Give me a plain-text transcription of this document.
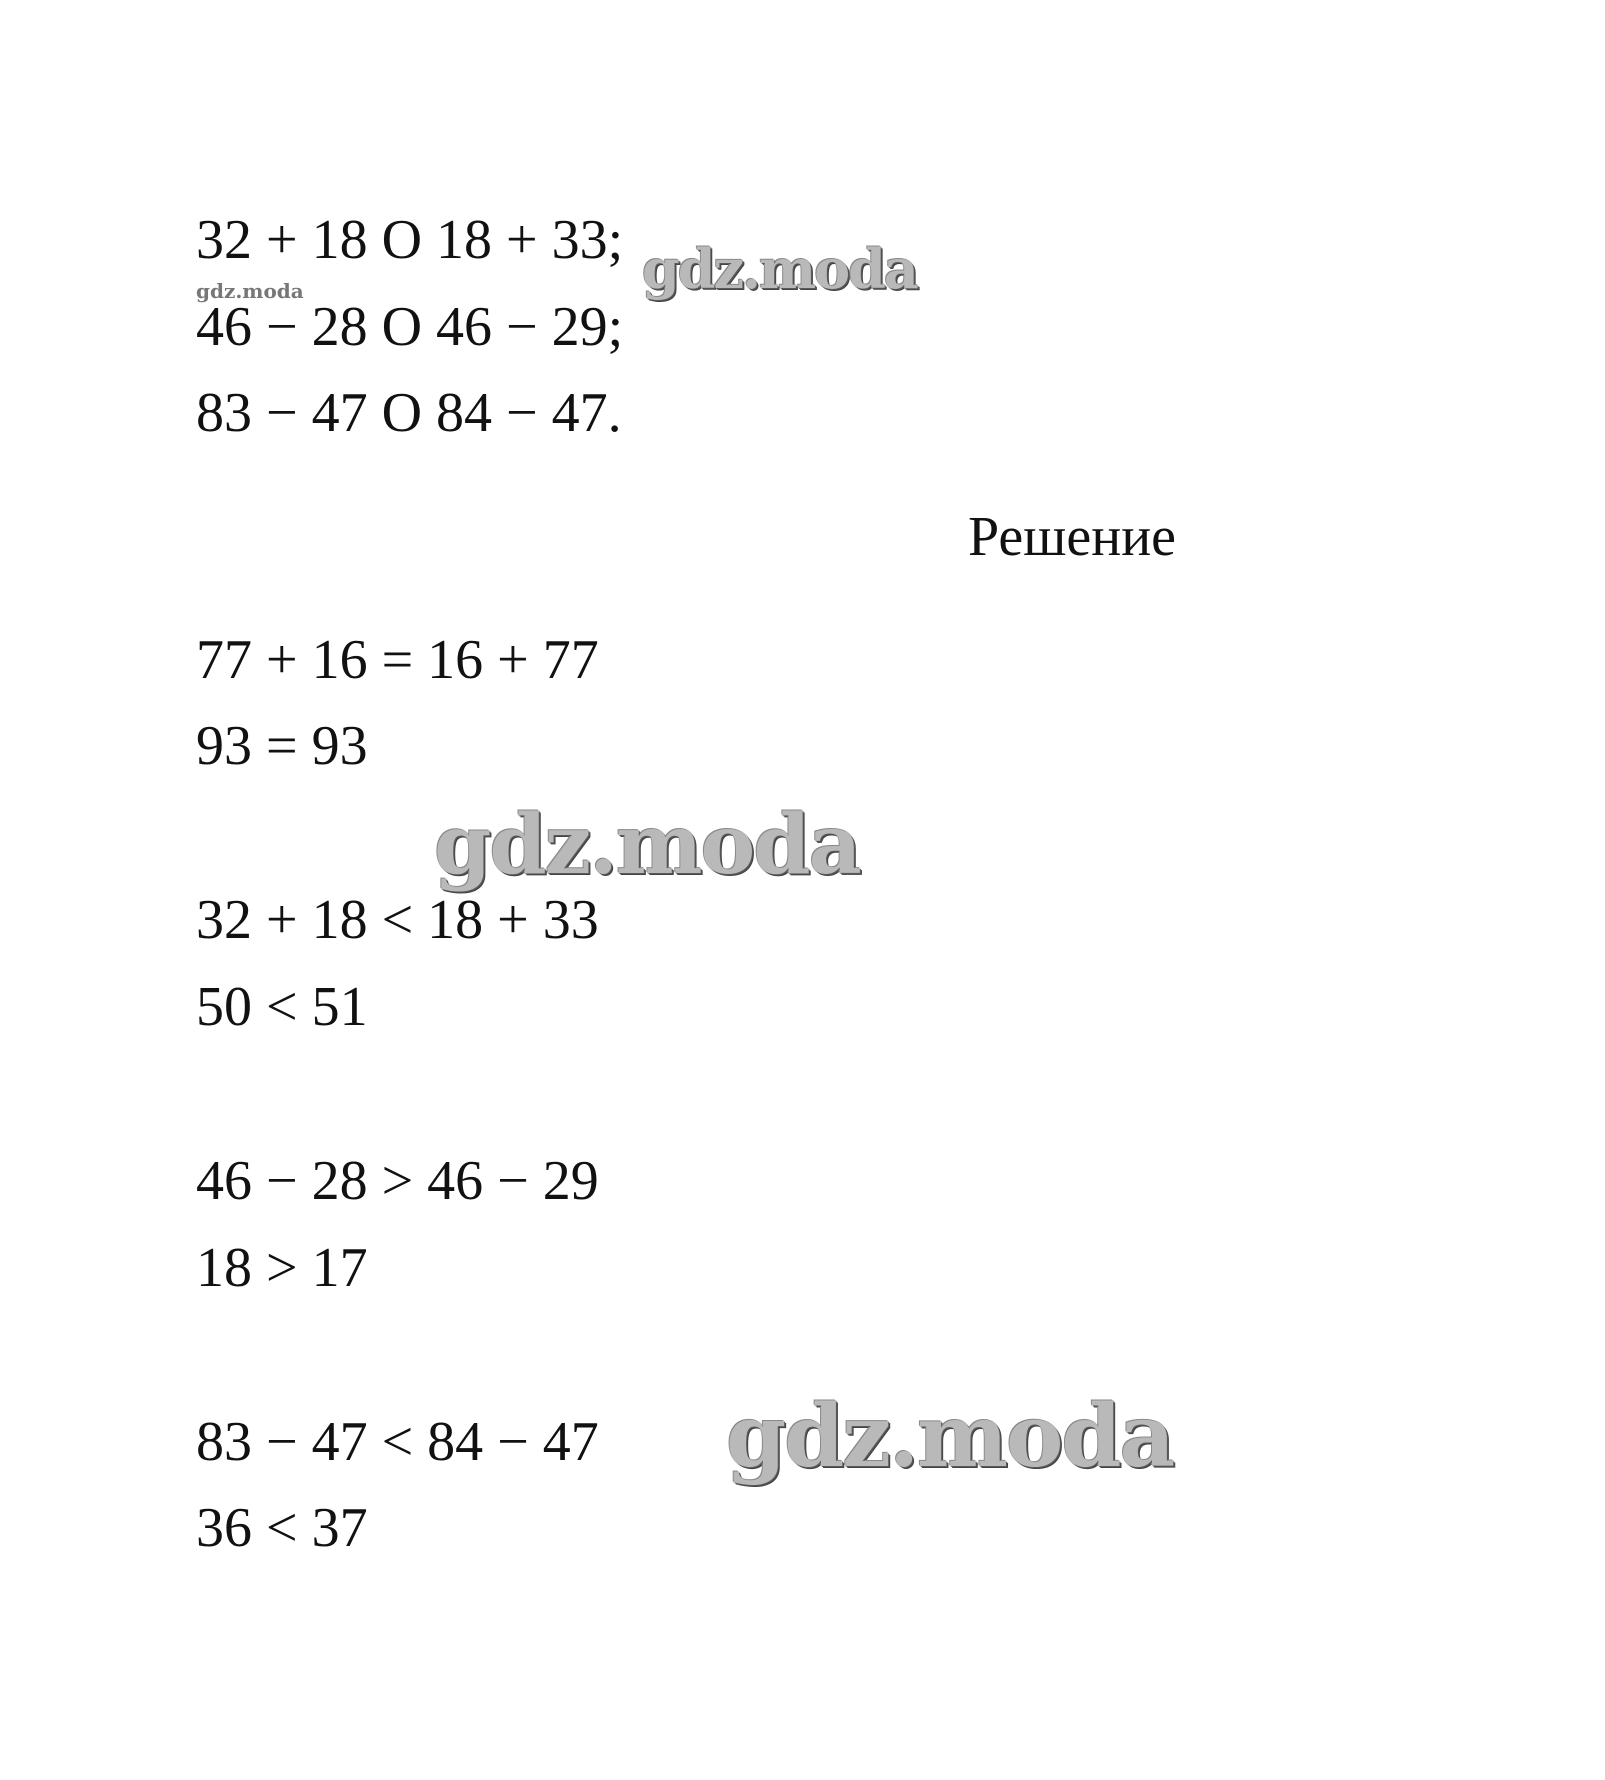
32 + 18 O 18 + 33;
46 − 28 O 46 − 29;
83 − 47 O 84 − 47.
Решение
77 + 16 = 16 + 77
93 = 93
32 + 18 < 18 + 33
50 < 51
46 − 28 > 46 − 29
18 > 17
83 − 47 < 84 − 47
36 < 37
gdz.moda	gdz.moda
gdz.moda
gdz.moda
